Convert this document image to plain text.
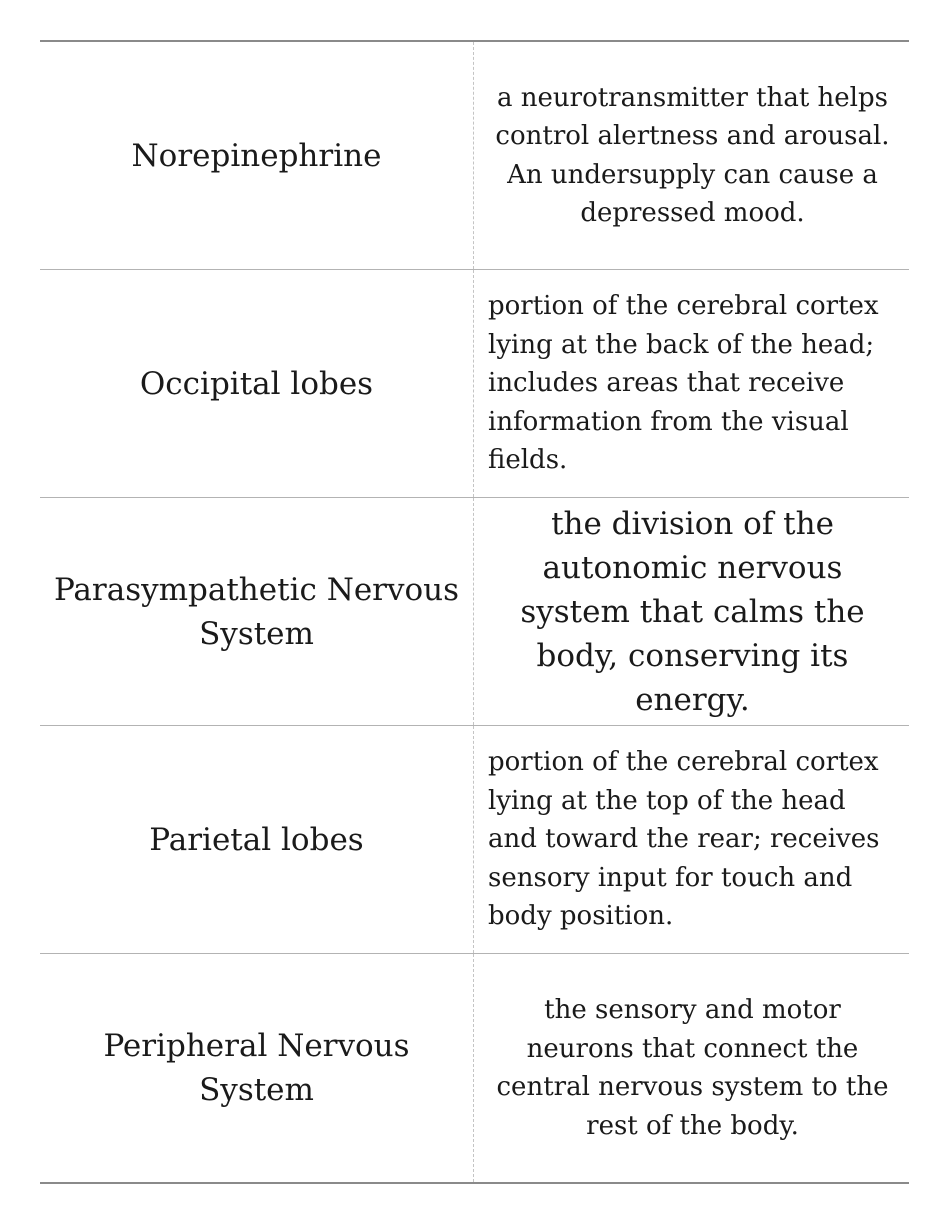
Norepinephrine
a neurotransmitter that helps control alertness and arousal. An undersupply can cause a depressed mood.
Occipital lobes
portion of the cerebral cortex lying at the back of the head; includes areas that receive information from the visual fields.
Parasympathetic Nervous System
the division of the autonomic nervous system that calms the body, conserving its energy.
Parietal lobes
portion of the cerebral cortex lying at the top of the head and toward the rear; receives sensory input for touch and body position.
Peripheral Nervous System
the sensory and motor neurons that connect the central nervous system to the rest of the body.
